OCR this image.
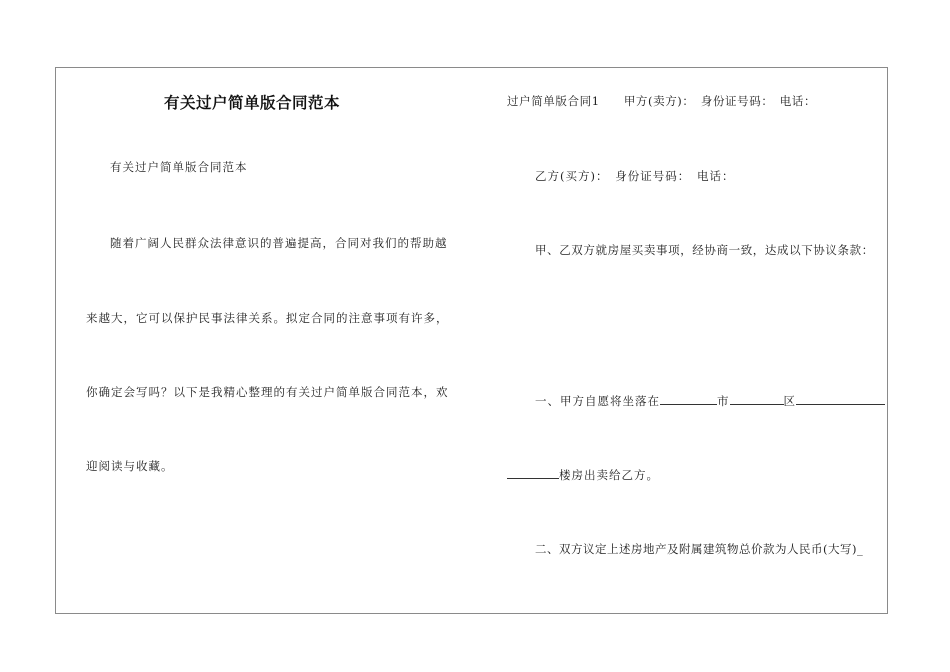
有关过户简单版合同范本
有关过户简单版合同范本
随着广阔人民群众法律意识的普遍提高，合同对我们的帮助越
来越大，它可以保护民事法律关系。拟定合同的注意事项有许多，
你确定会写吗？以下是我精心整理的有关过户简单版合同范本，欢
迎阅读与收藏。
过户简单版合同1　　甲方(卖方)：　身份证号码：　电话：
乙方(买方)：　身份证号码：　电话：
甲、乙双方就房屋买卖事项，经协商一致，达成以下协议条款：
一、甲方自愿将坐落在	市	区
楼房出卖给乙方。
二、双方议定上述房地产及附属建筑物总价款为人民币(大写)_
